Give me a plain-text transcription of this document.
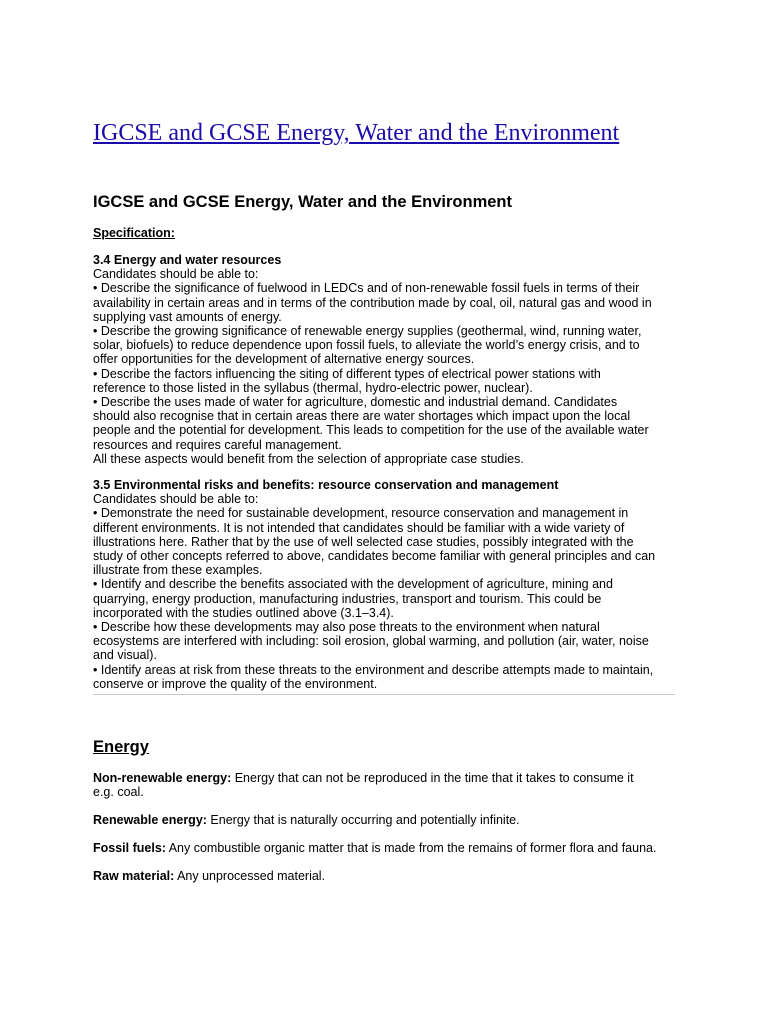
IGCSE and GCSE Energy, Water and the Environment
IGCSE and GCSE Energy, Water and the Environment
Specification:
3.4 Energy and water resources
Candidates should be able to:
• Describe the significance of fuelwood in LEDCs and of non-renewable fossil fuels in terms of their
availability in certain areas and in terms of the contribution made by coal, oil, natural gas and wood in
supplying vast amounts of energy.
• Describe the growing significance of renewable energy supplies (geothermal, wind, running water,
solar, biofuels) to reduce dependence upon fossil fuels, to alleviate the world’s energy crisis, and to
offer opportunities for the development of alternative energy sources.
• Describe the factors influencing the siting of different types of electrical power stations with
reference to those listed in the syllabus (thermal, hydro-electric power, nuclear).
• Describe the uses made of water for agriculture, domestic and industrial demand. Candidates
should also recognise that in certain areas there are water shortages which impact upon the local
people and the potential for development. This leads to competition for the use of the available water
resources and requires careful management.
All these aspects would benefit from the selection of appropriate case studies.
3.5 Environmental risks and benefits: resource conservation and management
Candidates should be able to:
• Demonstrate the need for sustainable development, resource conservation and management in
different environments. It is not intended that candidates should be familiar with a wide variety of
illustrations here. Rather that by the use of well selected case studies, possibly integrated with the
study of other concepts referred to above, candidates become familiar with general principles and can
illustrate from these examples.
• Identify and describe the benefits associated with the development of agriculture, mining and
quarrying, energy production, manufacturing industries, transport and tourism. This could be
incorporated with the studies outlined above (3.1–3.4).
• Describe how these developments may also pose threats to the environment when natural
ecosystems are interfered with including: soil erosion, global warming, and pollution (air, water, noise
and visual).
• Identify areas at risk from these threats to the environment and describe attempts made to maintain,
conserve or improve the quality of the environment.
Energy
Non-renewable energy: Energy that can not be reproduced in the time that it takes to consume it
e.g. coal.
Renewable energy: Energy that is naturally occurring and potentially infinite.
Fossil fuels: Any combustible organic matter that is made from the remains of former flora and fauna.
Raw material: Any unprocessed material.
